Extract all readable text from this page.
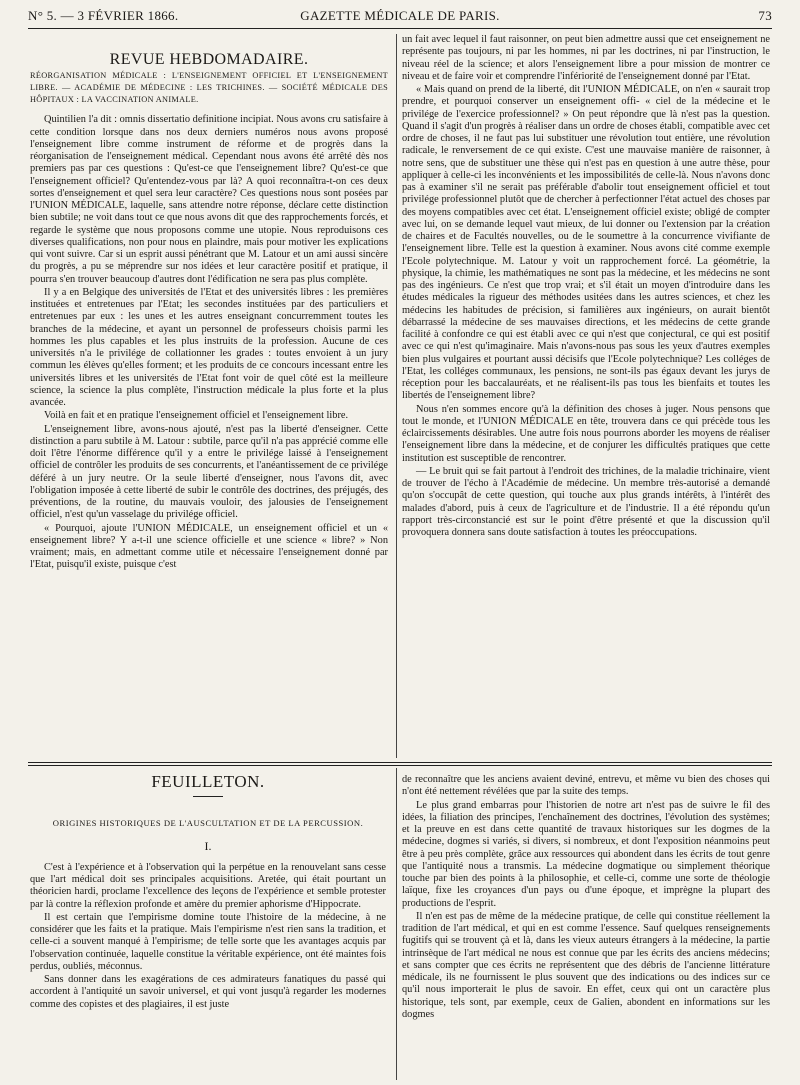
N° 5. — 3 FÉVRIER 1866.	GAZETTE MÉDICALE DE PARIS.	73
REVUE HEBDOMADAIRE.
RÉORGANISATION MÉDICALE : L'ENSEIGNEMENT OFFICIEL ET L'ENSEIGNEMENT LIBRE. — ACADÉMIE DE MÉDECINE : LES TRICHINES. — SOCIÉTÉ MÉDICALE DES HÔPITAUX : LA VACCINATION ANIMALE.

Quintilien l'a dit : omnis dissertatio definitione incipiat. Nous avons cru satisfaire à cette condition lorsque dans nos deux derniers numéros nous avons proposé l'enseignement libre comme instrument de réforme et de progrès dans la réorganisation de l'enseignement médical. Cependant nous avons été arrêté dès nos premiers pas par ces questions : Qu'est-ce que l'enseignement libre? Qu'est-ce que l'enseignement officiel? Qu'entendez-vous par là? A quoi reconnaîtra-t-on ces deux sortes d'enseignement et quel sera leur caractère? Ces questions nous sont posées par l'UNION MÉDICALE, laquelle, sans attendre notre réponse, déclare cette distinction bien subtile; ne voit dans tout ce que nous avons dit que des rapprochements forcés, et regarde le système que nous proposons comme une utopie. Nous reproduisons ces diverses qualifications, non pour nous en plaindre, mais pour motiver les explications qui vont suivre. Car si un esprit aussi pénétrant que M. Latour et un ami aussi sincère du progrès, a pu se méprendre sur nos idées et leur caractère positif et pratique, il pourra s'en trouver beaucoup d'autres dont l'édification ne sera pas plus complète.

Il y a en Belgique des universités de l'Etat et des universités libres : les premières instituées et entretenues par l'Etat; les secondes instituées par des particuliers et entretenues par eux : les unes et les autres enseignant concurremment toutes les branches de la médecine, et ayant un personnel de professeurs choisis parmi les hommes les plus capables et les plus instruits de la profession. Aucune de ces universités n'a le privilége de collationner les grades : toutes envoient à un jury commun les élèves qu'elles forment; et les produits de ce concours incessant entre les universités libres et les universités de l'Etat font voir de quel côté est la meilleure science, la science la plus complète, l'instruction médicale la plus forte et la plus avancée.

Voilà en fait et en pratique l'enseignement officiel et l'enseignement libre.

L'enseignement libre, avons-nous ajouté, n'est pas la liberté d'enseigner. Cette distinction a paru subtile à M. Latour : subtile, parce qu'il n'a pas apprécié comme elle doit l'être l'énorme différence qu'il y a entre le privilége laissé à l'enseignement officiel de contrôler les produits de ses concurrents, et l'anéantissement de ce privilége déféré à un jury neutre. Or la seule liberté d'enseigner, nous l'avons dit, avec l'obligation imposée à cette liberté de subir le contrôle des doctrines, des préjugés, des préventions, de la routine, du mauvais vouloir, des jalousies de l'enseignement officiel, n'est qu'un vasselage du privilége officiel.

« Pourquoi, ajoute l'UNION MÉDICALE, un enseignement officiel et un « enseignement libre? Y a-t-il une science officielle et une science « libre? » Non vraiment; mais, en admettant comme utile et nécessaire l'enseignement donné par l'Etat, puisqu'il existe, puisque c'est

un fait avec lequel il faut raisonner, on peut bien admettre aussi que cet enseignement ne représente pas toujours, ni par les hommes, ni par les doctrines, ni par l'instruction, le niveau réel de la science; et alors l'enseignement libre a pour mission de montrer ce niveau et de faire voir et comprendre l'infériorité de l'enseignement donné par l'Etat.

« Mais quand on prend de la liberté, dit l'UNION MÉDICALE, on n'en « saurait trop prendre, et pourquoi conserver un enseignement offi- « ciel de la médecine et le privilége de l'exercice professionnel? » On peut répondre que là n'est pas la question. Quand il s'agit d'un progrès à réaliser dans un ordre de choses établi, compatible avec cet ordre de choses, il ne faut pas lui substituer une révolution tout entière, une révolution radicale, le renversement de ce qui existe. C'est une mauvaise manière de raisonner, à notre sens, que de substituer une thèse qui n'est pas en question à une autre thèse, pour appliquer à celle-ci les inconvénients et les impossibilités de celle-là. Nous n'avons donc pas à examiner s'il ne serait pas préférable d'abolir tout enseignement officiel et tout privilége professionnel plutôt que de chercher à perfectionner l'état actuel des choses par des moyens compatibles avec cet état. L'enseignement officiel existe; obligé de compter avec lui, on se demande lequel vaut mieux, de lui donner ou l'extension par la création de chaires et de Facultés nouvelles, ou de le soumettre à la concurrence vivifiante de l'enseignement libre. Telle est la question à examiner. Nous avons cité comme exemple l'Ecole polytechnique. M. Latour y voit un rapprochement forcé. La géométrie, la physique, la chimie, les mathématiques ne sont pas la médecine, et les médecins ne sont pas des ingénieurs. Ce n'est que trop vrai; et s'il était un moyen d'introduire dans les études médicales la rigueur des méthodes usitées dans les autres sciences, et chez les médecins les habitudes de précision, si familières aux ingénieurs, on aurait bientôt débarrassé la médecine de ses mauvaises directions, et les médecins de cette grande facilité à confondre ce qui est établi avec ce qui n'est que conjectural, ce qui est positif avec ce qui n'est qu'imaginaire. Mais n'avons-nous pas sous les yeux d'autres exemples bien plus vulgaires et pourtant aussi décisifs que l'Ecole polytechnique? Les colléges de l'Etat, les colléges communaux, les pensions, ne sont-ils pas égaux devant les jurys de réception pour les baccalauréats, et ne réalisent-ils pas tous les bienfaits et toutes les libertés de l'enseignement libre?

Nous n'en sommes encore qu'à la définition des choses à juger. Nous pensons que tout le monde, et l'UNION MÉDICALE en tête, trouvera dans ce qui précède tous les éclaircissements désirables. Une autre fois nous pourrons aborder les moyens de réaliser l'enseignement libre dans la médecine, et de conjurer les difficultés pratiques que cette institution est susceptible de rencontrer.

— Le bruit qui se fait partout à l'endroit des trichines, de la maladie trichinaire, vient de trouver de l'écho à l'Académie de médecine. Un membre très-autorisé a demandé qu'on s'occupât de cette question, qui touche aux plus grands intérêts, à l'intérêt des malades d'abord, puis à ceux de l'agriculture et de l'industrie. Il a été répondu qu'un rapport très-circonstancié est sur le point d'être présenté et que la discussion qu'il provoquera donnera sans doute satisfaction à toutes les préoccupations.

FEUILLETON.
ORIGINES HISTORIQUES DE L'AUSCULTATION ET DE LA PERCUSSION.
I.

C'est à l'expérience et à l'observation qui la perpétue en la renouvelant sans cesse que l'art médical doit ses principales acquisitions. Aretée, qui était pourtant un théoricien hardi, proclame l'excellence des leçons de l'expérience et semble protester par là contre la réflexion profonde et amère du premier aphorisme d'Hippocrate.

Il est certain que l'empirisme domine toute l'histoire de la médecine, à ne considérer que les faits et la pratique. Mais l'empirisme n'est rien sans la tradition, et celle-ci a souvent manqué à l'empirisme; de telle sorte que les avantages acquis par l'observation continuée, laquelle constitue la véritable expérience, ont été maintes fois perdus, oubliés, méconnus.

Sans donner dans les exagérations de ces admirateurs fanatiques du passé qui accordent à l'antiquité un savoir universel, et qui vont jusqu'à regarder les modernes comme des copistes et des plagiaires, il est juste

de reconnaître que les anciens avaient deviné, entrevu, et même vu bien des choses qui n'ont été nettement révélées que par la suite des temps.

Le plus grand embarras pour l'historien de notre art n'est pas de suivre le fil des idées, la filiation des principes, l'enchaînement des doctrines, l'évolution des systèmes; et la preuve en est dans cette quantité de travaux historiques sur les dogmes de la médecine, dogmes si variés, si divers, si nombreux, et dont l'exposition néanmoins peut être à peu près complète, grâce aux ressources qui abondent dans les écrits de tout genre que l'antiquité nous a transmis. La médecine dogmatique ou simplement théorique touche par bien des points à la philosophie, et celle-ci, comme une sorte de théologie laïque, fixe les croyances d'un pays ou d'une époque, et imprègne la plupart des productions de l'esprit.

Il n'en est pas de même de la médecine pratique, de celle qui constitue réellement la tradition de l'art médical, et qui en est comme l'essence. Sauf quelques renseignements fugitifs qui se trouvent çà et là, dans les vieux auteurs étrangers à la médecine, la partie intrinsèque de l'art médical ne nous est connue que par les écrits des anciens médecins; et sans compter que ces écrits ne représentent que des débris de l'ancienne littérature médicale, ils ne fournissent le plus souvent que des indications ou des indices sur ce qu'il nous importerait le plus de savoir. En effet, ceux qui ont un caractère plus historique, tels sont, par exemple, ceux de Galien, abondent en informations sur les dogmes
